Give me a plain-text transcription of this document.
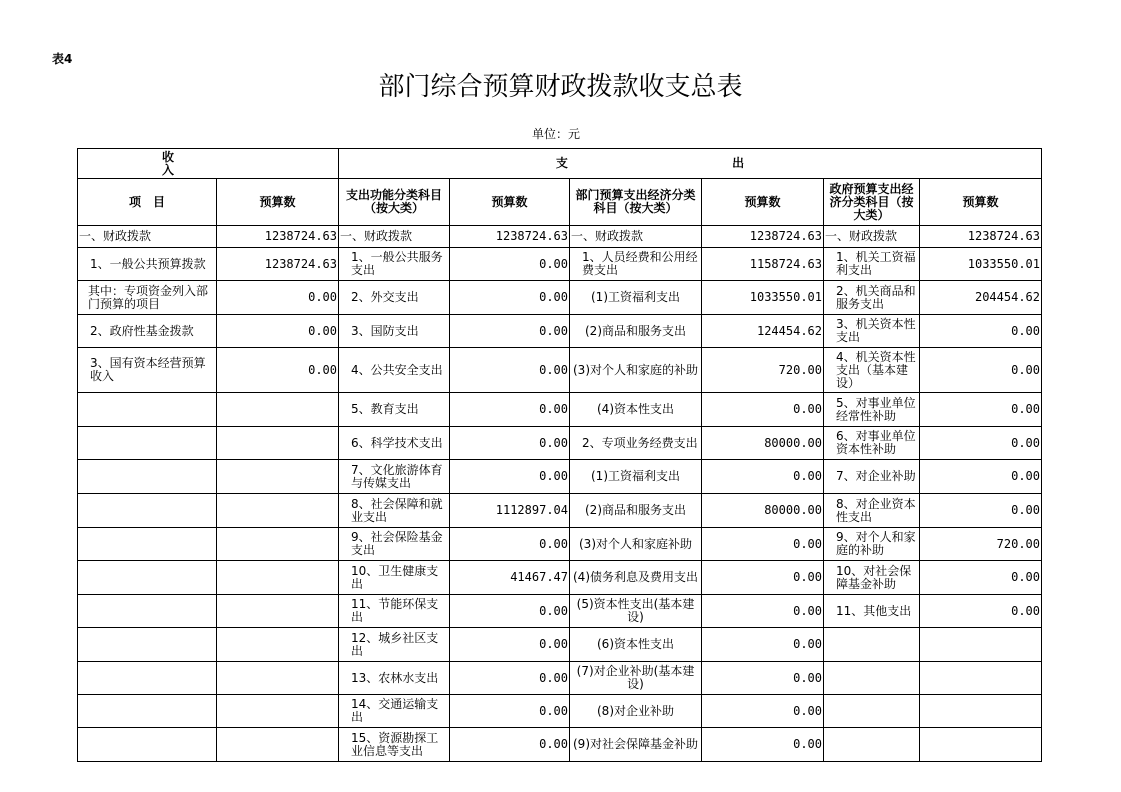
表4
部门综合预算财政拨款收支总表
单位：元
收 入		支 出					
项　目	预算数	支出功能分类科目（按大类）	预算数	部门预算支出经济分类科目（按大类）	预算数	政府预算支出经济分类科目（按大类）	预算数
一、财政拨款	1238724.63	一、财政拨款	1238724.63	一、财政拨款	1238724.63	一、财政拨款	1238724.63
1、一般公共预算拨款	1238724.63	1、一般公共服务支出	0.00	1、人员经费和公用经费支出	1158724.63	1、机关工资福利支出	1033550.01
其中：专项资金列入部门预算的项目	0.00	2、外交支出	0.00	(1)工资福利支出	1033550.01	2、机关商品和服务支出	204454.62
2、政府性基金拨款	0.00	3、国防支出	0.00	(2)商品和服务支出	124454.62	3、机关资本性支出	0.00
3、国有资本经营预算收入	0.00	4、公共安全支出	0.00	(3)对个人和家庭的补助	720.00	4、机关资本性支出（基本建设）	0.00
		5、教育支出	0.00	(4)资本性支出	0.00	5、对事业单位经常性补助	0.00
		6、科学技术支出	0.00	2、专项业务经费支出	80000.00	6、对事业单位资本性补助	0.00
		7、文化旅游体育与传媒支出	0.00	(1)工资福利支出	0.00	7、对企业补助	0.00
		8、社会保障和就业支出	1112897.04	(2)商品和服务支出	80000.00	8、对企业资本性支出	0.00
		9、社会保险基金支出	0.00	(3)对个人和家庭补助	0.00	9、对个人和家庭的补助	720.00
		10、卫生健康支出	41467.47	(4)债务利息及费用支出	0.00	10、对社会保障基金补助	0.00
		11、节能环保支出	0.00	(5)资本性支出(基本建设)	0.00	11、其他支出	0.00
		12、城乡社区支出	0.00	(6)资本性支出	0.00		
		13、农林水支出	0.00	(7)对企业补助(基本建设)	0.00		
		14、交通运输支出	0.00	(8)对企业补助	0.00		
		15、资源勘探工业信息等支出	0.00	(9)对社会保障基金补助	0.00		
